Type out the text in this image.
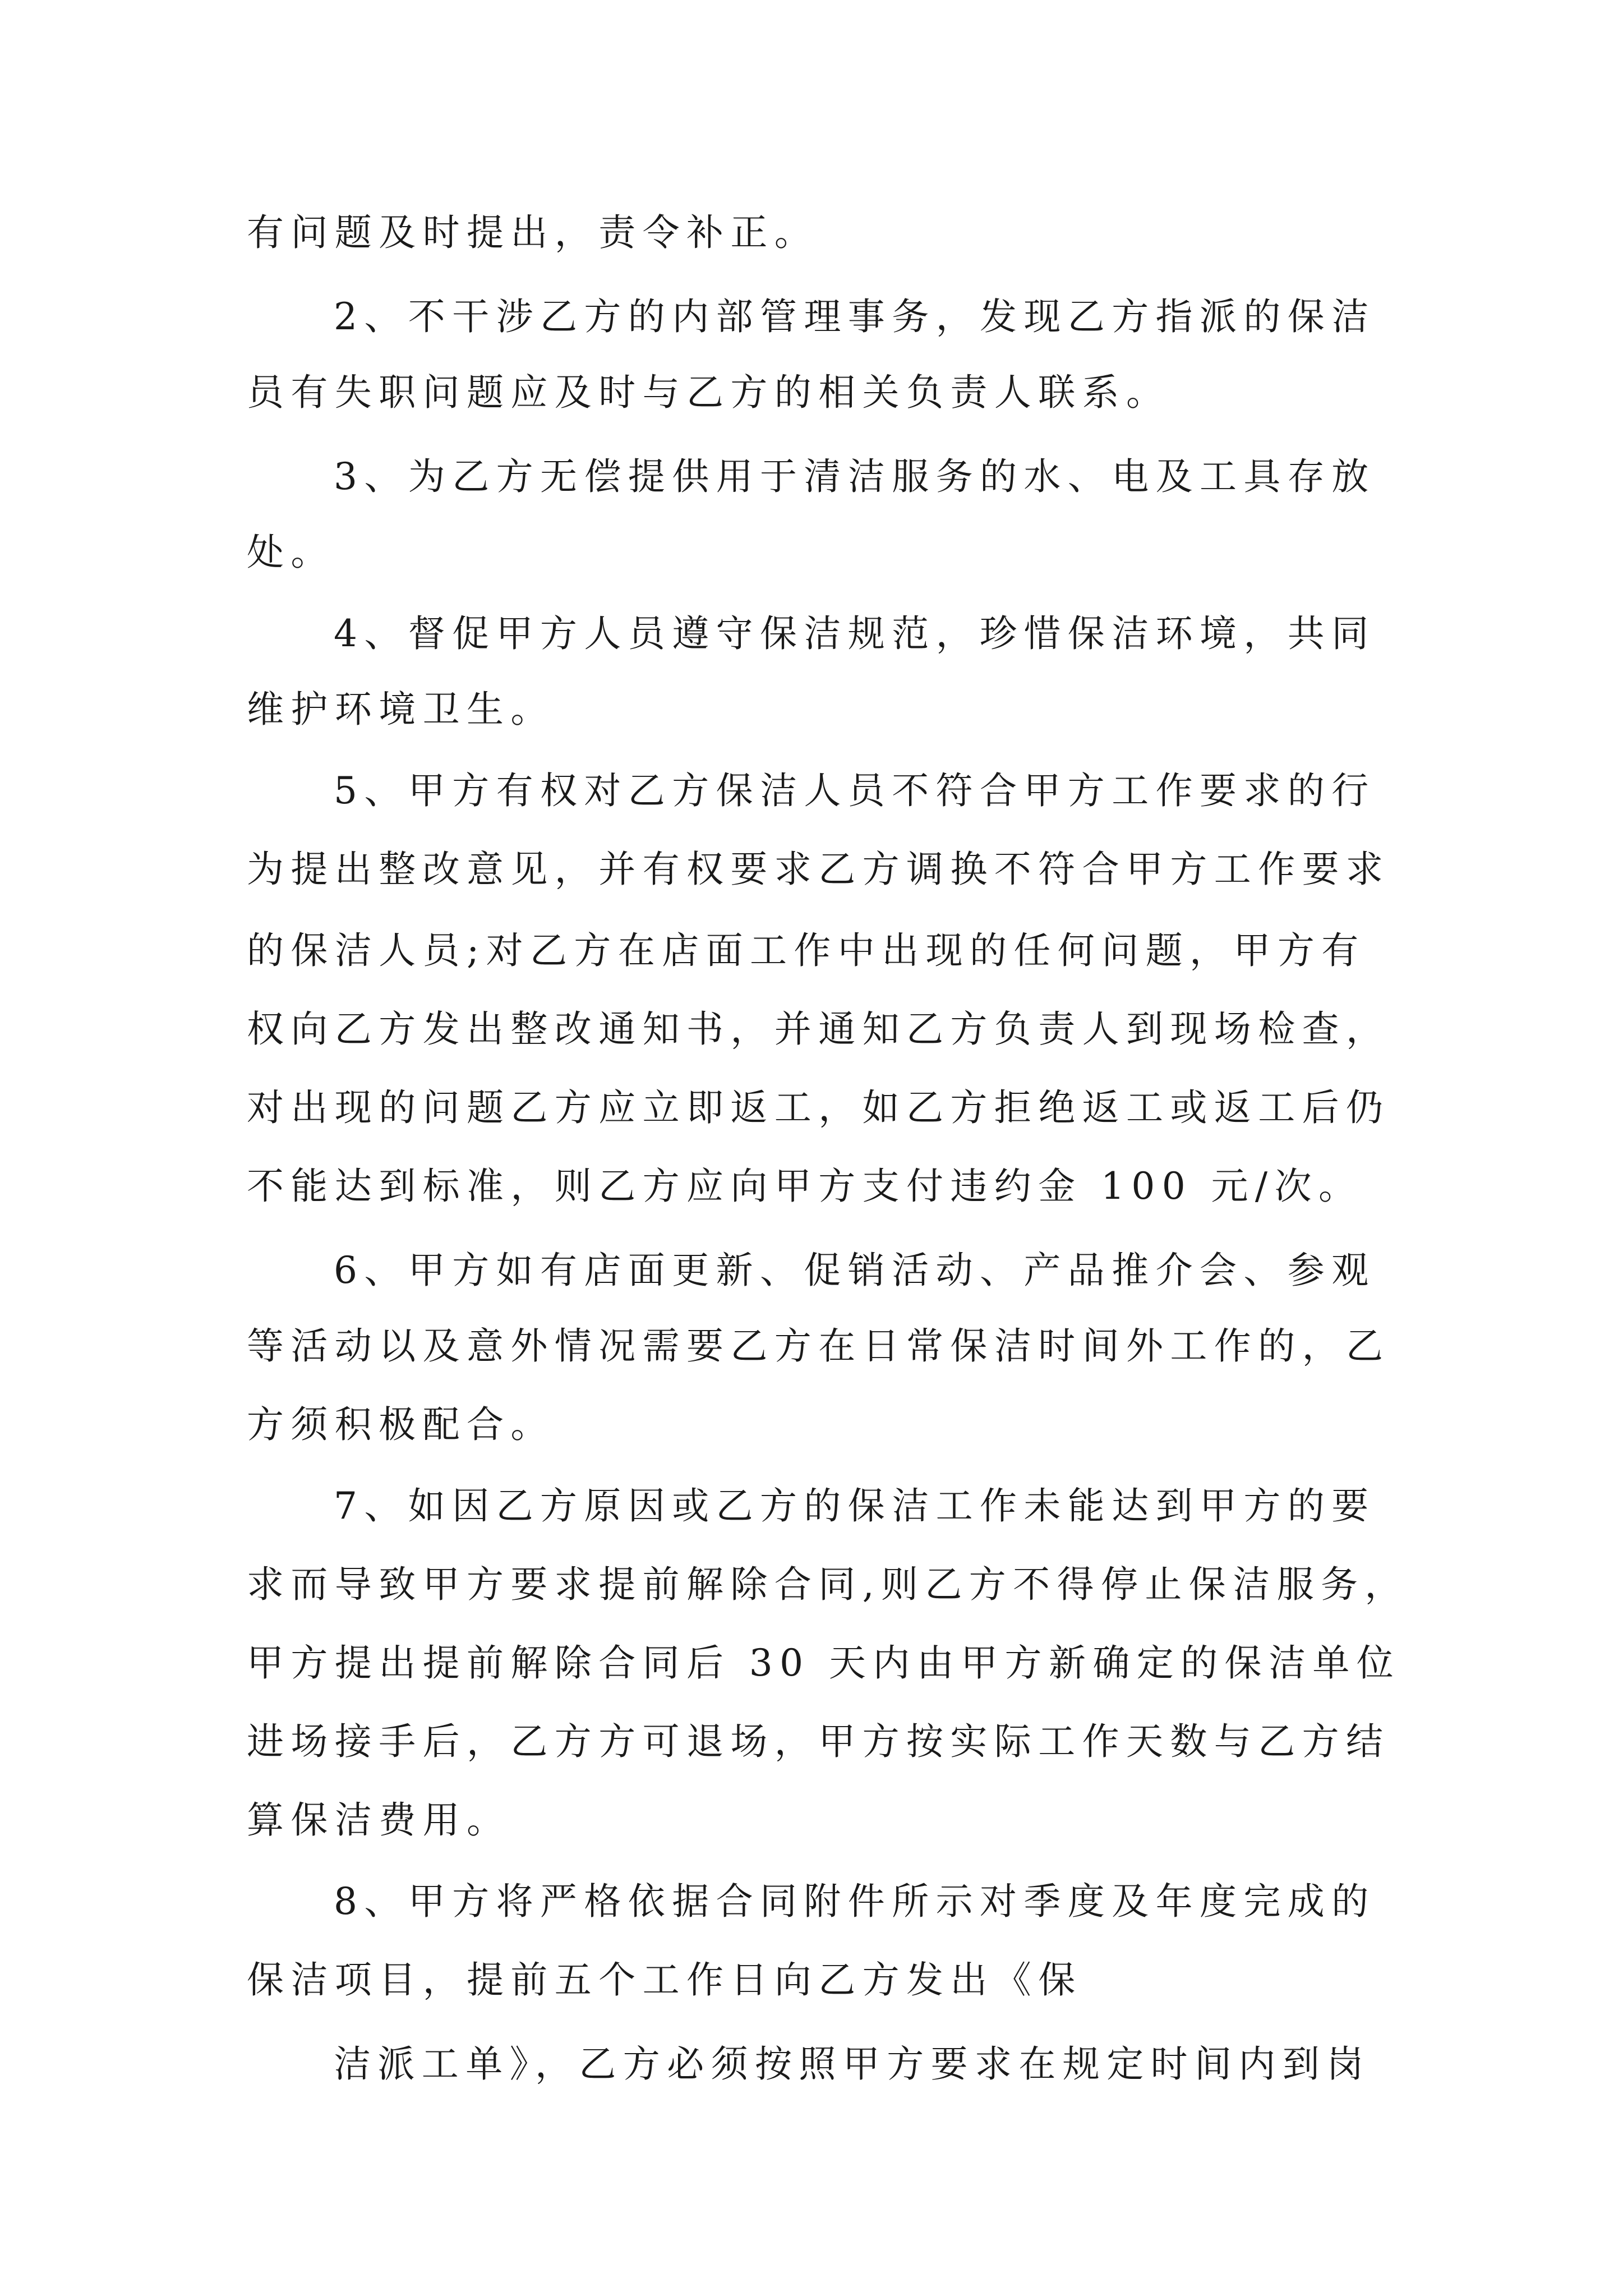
有问题及时提出，责令补正。

2、不干涉乙方的内部管理事务，发现乙方指派的保洁

员有失职问题应及时与乙方的相关负责人联系。

3、为乙方无偿提供用于清洁服务的水、电及工具存放

处。

4、督促甲方人员遵守保洁规范，珍惜保洁环境，共同

维护环境卫生。

5、甲方有权对乙方保洁人员不符合甲方工作要求的行

为提出整改意见，并有权要求乙方调换不符合甲方工作要求

的保洁人员;对乙方在店面工作中出现的任何问题，甲方有

权向乙方发出整改通知书，并通知乙方负责人到现场检查，

对出现的问题乙方应立即返工，如乙方拒绝返工或返工后仍

不能达到标准，则乙方应向甲方支付违约金 100 元/次。

6、甲方如有店面更新、促销活动、产品推介会、参观

等活动以及意外情况需要乙方在日常保洁时间外工作的，乙

方须积极配合。

7、如因乙方原因或乙方的保洁工作未能达到甲方的要

求而导致甲方要求提前解除合同,则乙方不得停止保洁服务，

甲方提出提前解除合同后 30 天内由甲方新确定的保洁单位

进场接手后，乙方方可退场，甲方按实际工作天数与乙方结

算保洁费用。

8、甲方将严格依据合同附件所示对季度及年度完成的

保洁项目，提前五个工作日向乙方发出《保

洁派工单》，乙方必须按照甲方要求在规定时间内到岗
